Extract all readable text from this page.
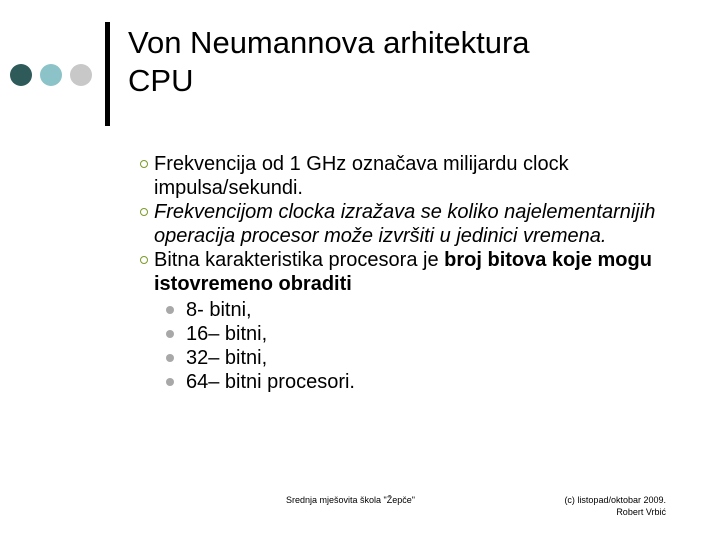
Von Neumannova arhitektura
CPU
Frekvencija od 1 GHz označava milijardu clock impulsa/sekundi.
Frekvencijom clocka izražava se koliko najelementarnijih operacija procesor može izvršiti u jedinici vremena.
Bitna karakteristika procesora je broj bitova koje mogu istovremeno obraditi
8- bitni,
16– bitni,
32– bitni,
64– bitni procesori.
Srednja mješovita škola "Žepče"	(c) listopad/oktobar 2009.
Robert Vrbić
